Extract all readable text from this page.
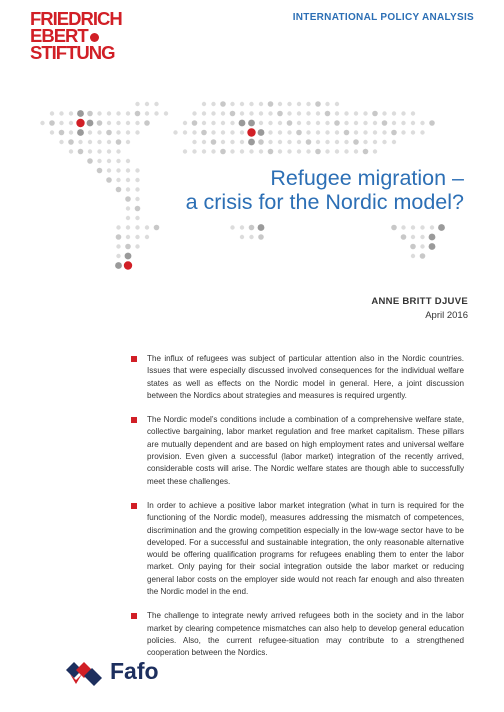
FRIEDRICH
EBERT
STIFTUNG
INTERNATIONAL POLICY ANALYSIS
Refugee migration –
a crisis for the Nordic model?
ANNE BRITT DJUVE
April 2016
The influx of refugees was subject of particular attention also in the Nordic countries. Issues that were especially discussed involved consequences for the individual welfare states as well as effects on the Nordic model in general. Here, a joint discussion between the Nordics about strategies and measures is required urgently.
The Nordic model’s conditions include a combination of a comprehensive welfare state, collective bargaining, labor market regulation and free market capitalism. These pillars are mutually dependent and are based on high employment rates and universal welfare provision. Even given a successful (labor market) integration of the recently arrived, considerable costs will arise. The Nordic welfare states are though able to successfully meet these challenges.
In order to achieve a positive labor market integration (what in turn is required for the functioning of the Nordic model), measures addressing the mismatch of competences, discrimination and the growing competition especially in the low-wage sector have to be developed. For a successful and sustainable integration, the only reasonable alternative would be offering qualification programs for refugees enabling them to enter the labor market. Only paying for their social integration outside the labor market or reducing general labor costs on the employer side would not reach far enough and also threaten the Nordic model in the end.
The challenge to integrate newly arrived refugees both in the society and in the labor market by clearing competence mismatches can also help to develop general education policies. Also, the current refugee-situation may contribute to a strengthened cooperation between the Nordics.
Fafo
